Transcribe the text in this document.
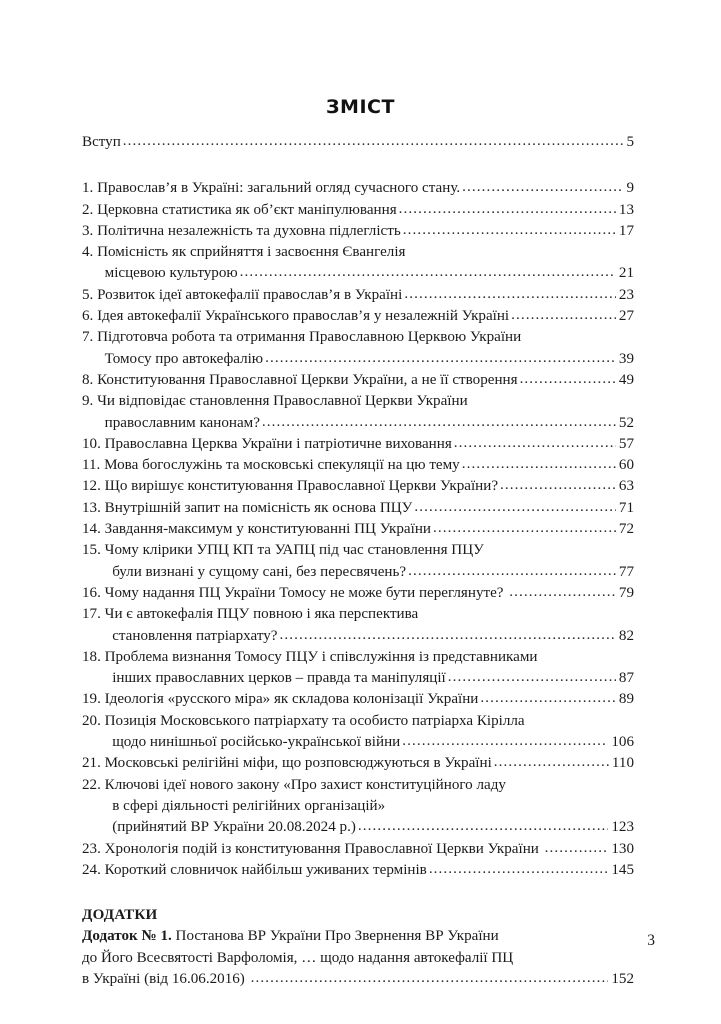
ЗМІСТ
Вступ .....	5
1. Православ’я в Україні: загальний огляд сучасного стану. .....	9
2. Церковна статистика як об’єкт маніпулювання .....	13
3. Політична незалежність та духовна підлеглість .....	17
4. Помісність як сприйняття і засвоєння Євангелія

місцевою культурою .....	21
5. Розвиток ідеї автокефалії православ’я в Україні .....	23
6. Ідея автокефалії Українського православ’я у незалежній Україні .....	27
7. Підготовча робота та отримання Православною Церквою України

Томосу про автокефалію .....	39
8. Конституювання Православної Церкви України, а не її створення .....	49
9. Чи відповідає становлення Православної Церкви України

православним канонам? .....	52
10. Православна Церква України і патріотичне виховання .....	57
11. Мова богослужінь та московські спекуляції на цю тему .....	60
12. Що вирішує конституювання Православної Церкви України? .....	63
13. Внутрішній запит на помісність як основа ПЦУ .....	71
14. Завдання-максимум у конституюванні ПЦ України .....	72
15. Чому клірики УПЦ КП та УАПЦ під час становлення ПЦУ

були визнані у сущому сані, без пересвячень? .....	77
16. Чому надання ПЦ України Томосу не може бути переглянуте? .....	79
17. Чи є автокефалія ПЦУ повною і яка перспектива

становлення патріархату? .....	82
18. Проблема визнання Томосу ПЦУ і співслужіння із представниками

інших православних церков – правда та маніпуляції .....	87
19. Ідеологія «русского міра» як складова колонізації України .....	89
20. Позиція Московського патріархату та особисто патріарха Кірілла

щодо нинішньої російсько-української війни .....	106
21. Московські релігійні міфи, що розповсюджуються в Україні .....	110
22. Ключові ідеї нового закону «Про захист конституційного ладу

в сфері діяльності релігійних організацій»

(прийнятий ВР України 20.08.2024 р.) .....	123
23. Хронологія подій із конституювання Православної Церкви України .....	130
24. Короткий словничок найбільш уживаних термінів .....	145
ДОДАТКИ
Додаток № 1. Постанова ВР України Про Звернення ВР України
до Його Всесвятості Варфоломія, … щодо надання автокефалії ПЦ
в Україні (від 16.06.2016) .....	152
3
